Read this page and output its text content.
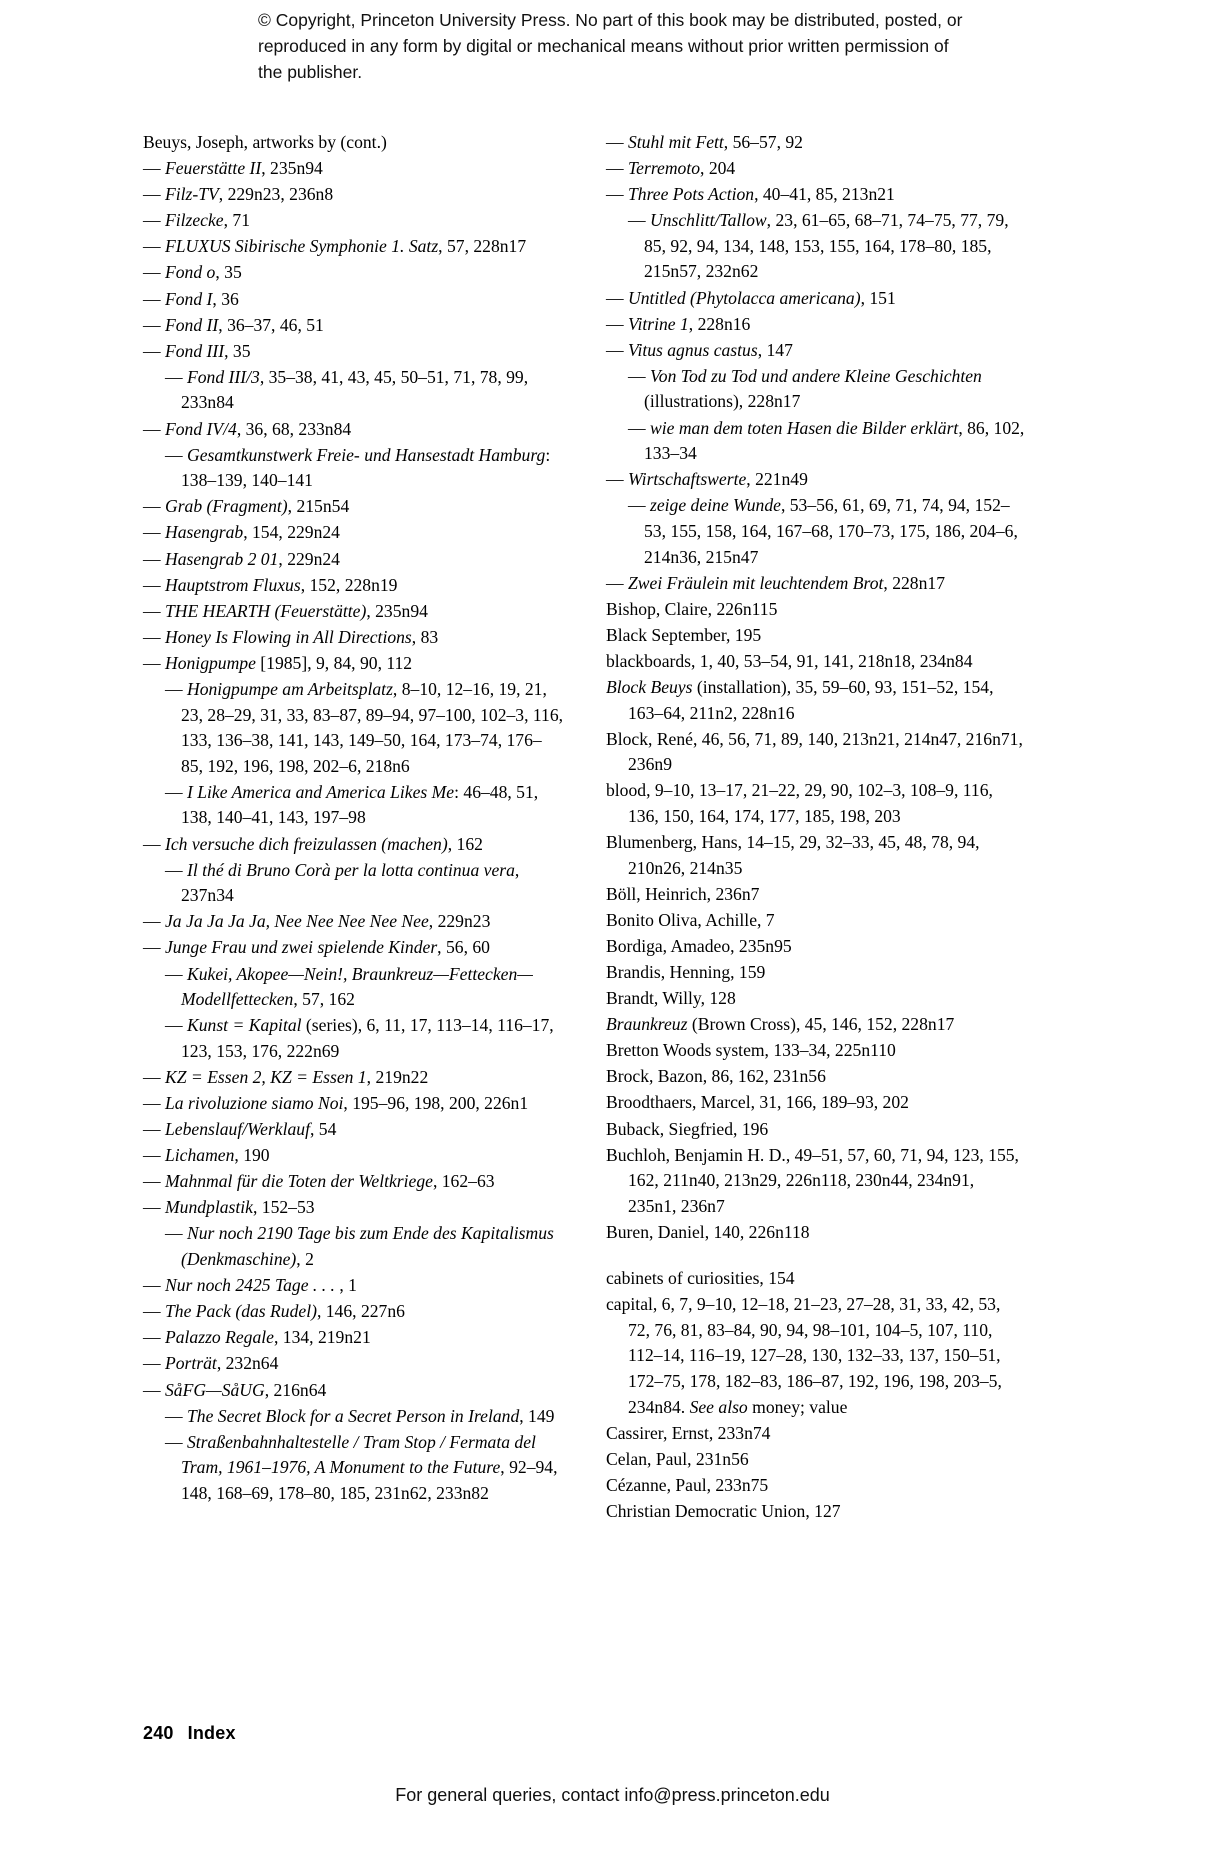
© Copyright, Princeton University Press. No part of this book may be distributed, posted, or reproduced in any form by digital or mechanical means without prior written permission of the publisher.
Beuys, Joseph, artworks by (cont.)
— Feuerstätte II, 235n94
— Filz-TV, 229n23, 236n8
— Filzecke, 71
— FLUXUS Sibirische Symphonie 1. Satz, 57, 228n17
— Fond o, 35
— Fond I, 36
— Fond II, 36–37, 46, 51
— Fond III, 35
— Fond III/3, 35–38, 41, 43, 45, 50–51, 71, 78, 99, 233n84
— Fond IV/4, 36, 68, 233n84
— Gesamtkunstwerk Freie- und Hansestadt Hamburg: 138–139, 140–141
— Grab (Fragment), 215n54
— Hasengrab, 154, 229n24
— Hasengrab 2 01, 229n24
— Hauptstrom Fluxus, 152, 228n19
— THE HEARTH (Feuerstätte), 235n94
— Honey Is Flowing in All Directions, 83
— Honigpumpe [1985], 9, 84, 90, 112
— Honigpumpe am Arbeitsplatz, 8–10, 12–16, 19, 21, 23, 28–29, 31, 33, 83–87, 89–94, 97–100, 102–3, 116, 133, 136–38, 141, 143, 149–50, 164, 173–74, 176–85, 192, 196, 198, 202–6, 218n6
— I Like America and America Likes Me: 46–48, 51, 138, 140–41, 143, 197–98
— Ich versuche dich freizulassen (machen), 162
— Il thé di Bruno Corà per la lotta continua vera, 237n34
— Ja Ja Ja Ja Ja, Nee Nee Nee Nee Nee, 229n23
— Junge Frau und zwei spielende Kinder, 56, 60
— Kukei, Akopee—Nein!, Braunkreuz—Fettecken—Modellfettecken, 57, 162
— Kunst = Kapital (series), 6, 11, 17, 113–14, 116–17, 123, 153, 176, 222n69
— KZ = Essen 2, KZ = Essen 1, 219n22
— La rivoluzione siamo Noi, 195–96, 198, 200, 226n1
— Lebenslauf/Werklauf, 54
— Lichamen, 190
— Mahnmal für die Toten der Weltkriege, 162–63
— Mundplastik, 152–53
— Nur noch 2190 Tage bis zum Ende des Kapitalismus (Denkmaschine), 2
— Nur noch 2425 Tage . . . , 1
— The Pack (das Rudel), 146, 227n6
— Palazzo Regale, 134, 219n21
— Porträt, 232n64
— SåFG—SåUG, 216n64
— The Secret Block for a Secret Person in Ireland, 149
— Straßenbahnhaltestelle / Tram Stop / Fermata del Tram, 1961–1976, A Monument to the Future, 92–94, 148, 168–69, 178–80, 185, 231n62, 233n82
— Stuhl mit Fett, 56–57, 92
— Terremoto, 204
— Three Pots Action, 40–41, 85, 213n21
— Unschlitt/Tallow, 23, 61–65, 68–71, 74–75, 77, 79, 85, 92, 94, 134, 148, 153, 155, 164, 178–80, 185, 215n57, 232n62
— Untitled (Phytolacca americana), 151
— Vitrine 1, 228n16
— Vitus agnus castus, 147
— Von Tod zu Tod und andere Kleine Geschichten (illustrations), 228n17
— wie man dem toten Hasen die Bilder erklärt, 86, 102, 133–34
— Wirtschaftswerte, 221n49
— zeige deine Wunde, 53–56, 61, 69, 71, 74, 94, 152–53, 155, 158, 164, 167–68, 170–73, 175, 186, 204–6, 214n36, 215n47
— Zwei Fräulein mit leuchtendem Brot, 228n17
Bishop, Claire, 226n115
Black September, 195
blackboards, 1, 40, 53–54, 91, 141, 218n18, 234n84
Block Beuys (installation), 35, 59–60, 93, 151–52, 154, 163–64, 211n2, 228n16
Block, René, 46, 56, 71, 89, 140, 213n21, 214n47, 216n71, 236n9
blood, 9–10, 13–17, 21–22, 29, 90, 102–3, 108–9, 116, 136, 150, 164, 174, 177, 185, 198, 203
Blumenberg, Hans, 14–15, 29, 32–33, 45, 48, 78, 94, 210n26, 214n35
Böll, Heinrich, 236n7
Bonito Oliva, Achille, 7
Bordiga, Amadeo, 235n95
Brandis, Henning, 159
Brandt, Willy, 128
Braunkreuz (Brown Cross), 45, 146, 152, 228n17
Bretton Woods system, 133–34, 225n110
Brock, Bazon, 86, 162, 231n56
Broodthaers, Marcel, 31, 166, 189–93, 202
Buback, Siegfried, 196
Buchloh, Benjamin H. D., 49–51, 57, 60, 71, 94, 123, 155, 162, 211n40, 213n29, 226n118, 230n44, 234n91, 235n1, 236n7
Buren, Daniel, 140, 226n118
cabinets of curiosities, 154
capital, 6, 7, 9–10, 12–18, 21–23, 27–28, 31, 33, 42, 53, 72, 76, 81, 83–84, 90, 94, 98–101, 104–5, 107, 110, 112–14, 116–19, 127–28, 130, 132–33, 137, 150–51, 172–75, 178, 182–83, 186–87, 192, 196, 198, 203–5, 234n84. See also money; value
Cassirer, Ernst, 233n74
Celan, Paul, 231n56
Cézanne, Paul, 233n75
Christian Democratic Union, 127
240 Index
For general queries, contact info@press.princeton.edu
